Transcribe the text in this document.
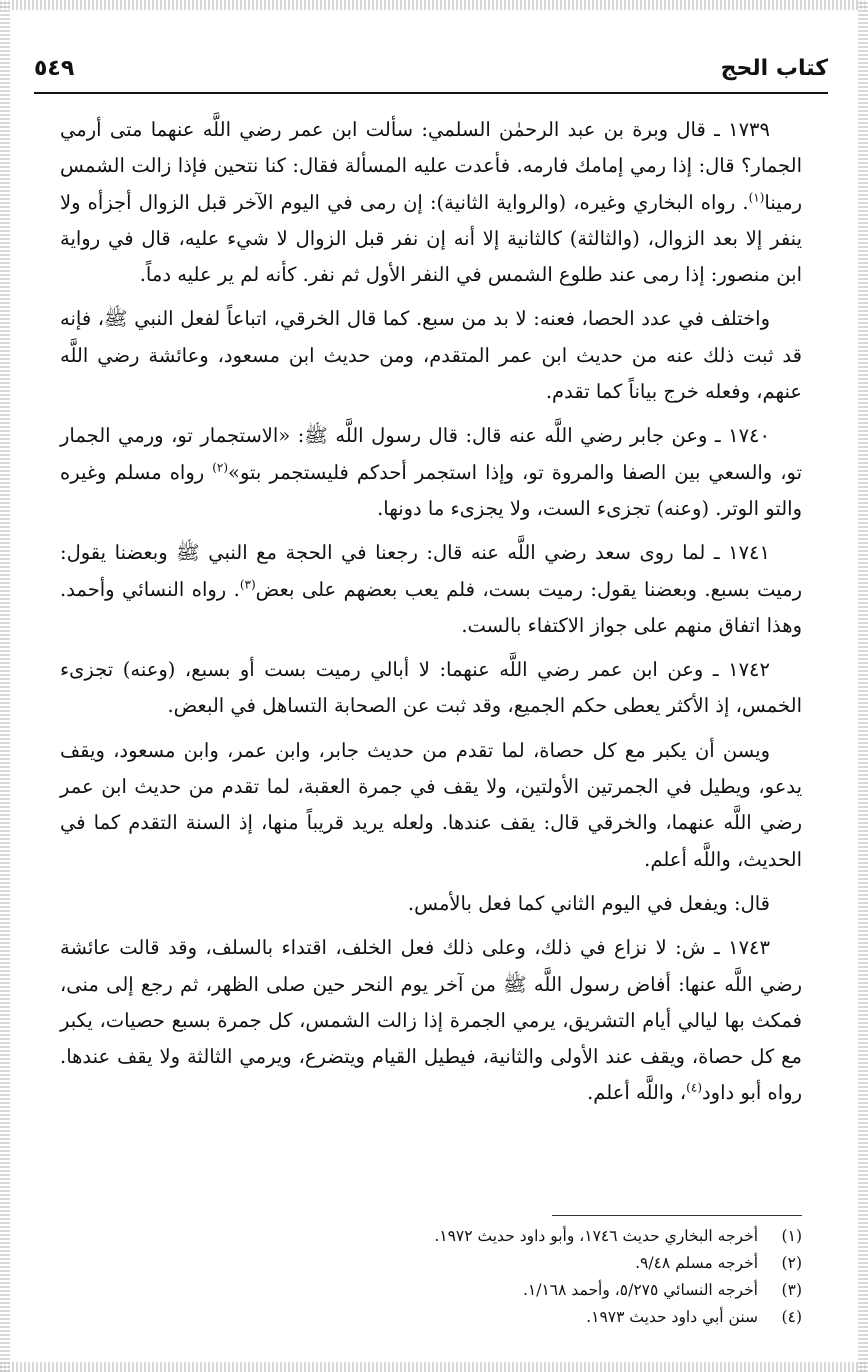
كتاب الحج
٥٤٩

١٧٣٩ ـ قال وبرة بن عبد الرحمٰن السلمي: سألت ابن عمر رضي اللَّه عنهما متى أرمي الجمار؟ قال: إذا رمي إمامك فارمه. فأعدت عليه المسألة فقال: كنا نتحين فإذا زالت الشمس رمينا$^{(١)}$. رواه البخاري وغيره، (والرواية الثانية): إن رمى في اليوم الآخر قبل الزوال أجزأه ولا ينفر إلا بعد الزوال، (والثالثة) كالثانية إلا أنه إن نفر قبل الزوال لا شيء عليه، قال في رواية ابن منصور: إذا رمى عند طلوع الشمس في النفر الأول ثم نفر. كأنه لم ير عليه دماً.

واختلف في عدد الحصا، فعنه: لا بد من سبع. كما قال الخرقي، اتباعاً لفعل النبي ﷺ، فإنه قد ثبت ذلك عنه من حديث ابن عمر المتقدم، ومن حديث ابن مسعود، وعائشة رضي اللَّه عنهم، وفعله خرج بياناً كما تقدم.

١٧٤٠ ـ وعن جابر رضي اللَّه عنه قال: قال رسول اللَّه ﷺ: «الاستجمار تو، ورمي الجمار تو، والسعي بين الصفا والمروة تو، وإذا استجمر أحدكم فليستجمر بتو»$^{(٢)}$ رواه مسلم وغيره والتو الوتر. (وعنه) تجزىء الست، ولا يجزىء ما دونها.

١٧٤١ ـ لما روى سعد رضي اللَّه عنه قال: رجعنا في الحجة مع النبي ﷺ وبعضنا يقول: رميت بسبع. وبعضنا يقول: رميت بست، فلم يعب بعضهم على بعض$^{(٣)}$. رواه النسائي وأحمد. وهذا اتفاق منهم على جواز الاكتفاء بالست.

١٧٤٢ ـ وعن ابن عمر رضي اللَّه عنهما: لا أبالي رميت بست أو بسبع، (وعنه) تجزىء الخمس، إذ الأكثر يعطى حكم الجميع، وقد ثبت عن الصحابة التساهل في البعض.

ويسن أن يكبر مع كل حصاة، لما تقدم من حديث جابر، وابن عمر، وابن مسعود، ويقف يدعو، ويطيل في الجمرتين الأولتين، ولا يقف في جمرة العقبة، لما تقدم من حديث ابن عمر رضي اللَّه عنهما، والخرقي قال: يقف عندها. ولعله يريد قريباً منها، إذ السنة التقدم كما في الحديث، واللَّه أعلم.

قال: ويفعل في اليوم الثاني كما فعل بالأمس.

١٧٤٣ ـ ش: لا نزاع في ذلك، وعلى ذلك فعل الخلف، اقتداء بالسلف، وقد قالت عائشة رضي اللَّه عنها: أفاض رسول اللَّه ﷺ من آخر يوم النحر حين صلى الظهر، ثم رجع إلى منى، فمكث بها ليالي أيام التشريق، يرمي الجمرة إذا زالت الشمس، كل جمرة بسبع حصيات، يكبر مع كل حصاة، ويقف عند الأولى والثانية، فيطيل القيام ويتضرع، ويرمي الثالثة ولا يقف عندها. رواه أبو داود$^{(٤)}$، واللَّه أعلم.

(١)
أخرجه البخاري حديث ١٧٤٦، وأبو داود حديث ١٩٧٢.
(٢)
أخرجه مسلم ٩/٤٨.
(٣)
أخرجه النسائي ٥/٢٧٥، وأحمد ١/١٦٨.
(٤)
سنن أبي داود حديث ١٩٧٣.
